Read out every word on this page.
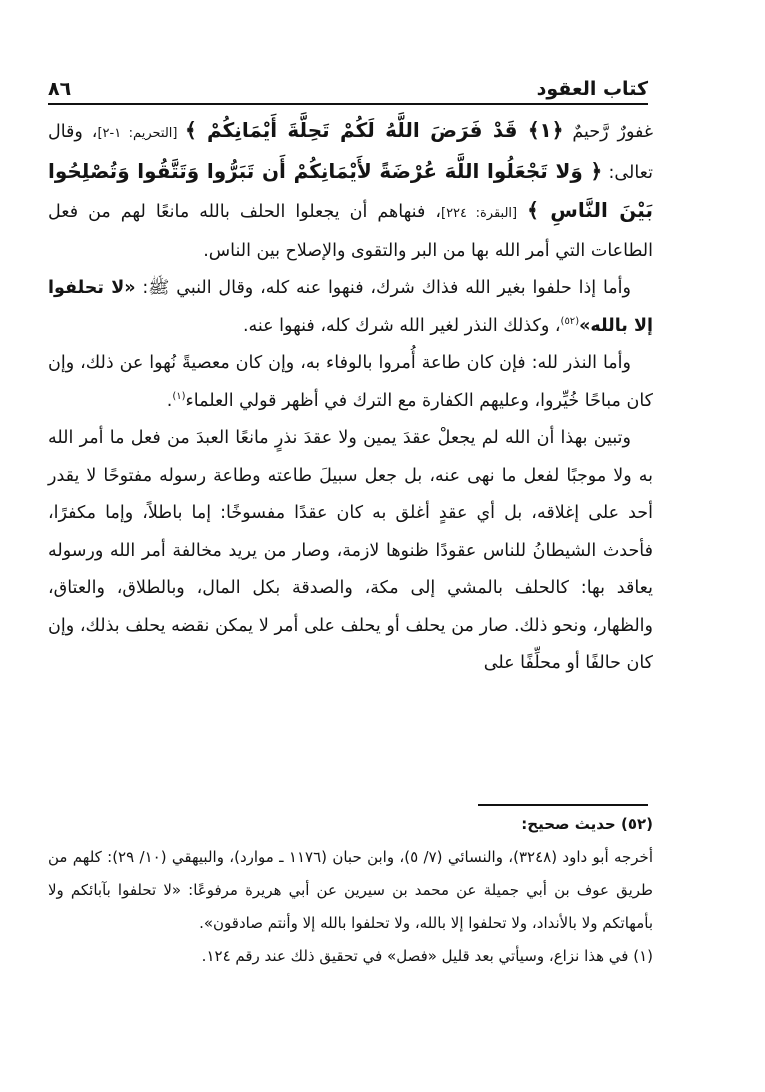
كتاب العقود
٨٦

غفورٌ رَّحيمٌ ﴿١﴾ قَدْ فَرَضَ اللَّهُ لَكُمْ تَحِلَّةَ أَيْمَانِكُمْ ﴾ [التحريم: ١-٢]، وقال تعالى: ﴿ وَلا تَجْعَلُوا اللَّهَ عُرْضَةً لأَيْمَانِكُمْ أَن تَبَرُّوا وَتَتَّقُوا وَتُصْلِحُوا بَيْنَ النَّاسِ ﴾ [البقرة: ٢٢٤]، فنهاهم أن يجعلوا الحلف بالله مانعًا لهم من فعل الطاعات التي أمر الله بها من البر والتقوى والإصلاح بين الناس.

وأما إذا حلفوا بغير الله فذاك شرك، فنهوا عنه كله، وقال النبي ﷺ: «لا تحلفوا إلا بالله»$^{(٥٢)}$، وكذلك النذر لغير الله شرك كله، فنهوا عنه.

وأما النذر لله: فإن كان طاعة أُمروا بالوفاء به، وإن كان معصيةً نُهوا عن ذلك، وإن كان مباحًا خُيِّروا، وعليهم الكفارة مع الترك في أظهر قولي العلماء$^{(١)}$.

وتبين بهذا أن الله لم يجعلْ عقدَ يمين ولا عقدَ نذرٍ مانعًا العبدَ من فعل ما أمر الله به ولا موجبًا لفعل ما نهى عنه، بل جعل سبيلَ طاعته وطاعة رسوله مفتوحًا لا يقدر أحد على إغلاقه، بل أي عقدٍ أغلق به كان عقدًا مفسوخًا: إما باطلاً، وإما مكفرًا، فأحدث الشيطانُ للناس عقودًا ظنوها لازمة، وصار من يريد مخالفة أمر الله ورسوله يعاقد بها: كالحلف بالمشي إلى مكة، والصدقة بكل المال، وبالطلاق، والعتاق، والظهار، ونحو ذلك. صار من يحلف أو يحلف على أمر لا يمكن نقضه يحلف بذلك، وإن كان حالفًا أو محلِّفًا على

(٥٢) حديث صحيح:

أخرجه أبو داود (٣٢٤٨)، والنسائي (٧/ ٥)، وابن حبان (١١٧٦ ـ موارد)، والبيهقي (١٠/ ٢٩): كلهم من طريق عوف بن أبي جميلة عن محمد بن سيرين عن أبي هريرة مرفوعًا: «لا تحلفوا بآبائكم ولا بأمهاتكم ولا بالأنداد، ولا تحلفوا إلا بالله، ولا تحلفوا بالله إلا وأنتم صادقون».

(١) في هذا نزاع، وسيأتي بعد قليل «فصل» في تحقيق ذلك عند رقم ١٢٤.
